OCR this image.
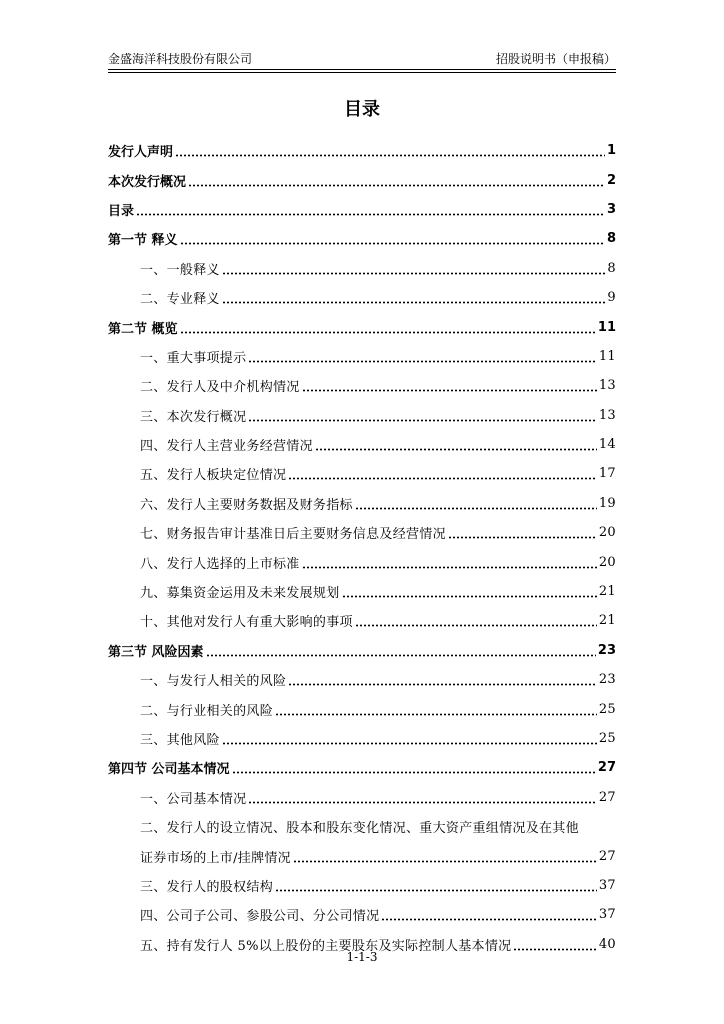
金盛海洋科技股份有限公司	招股说明书（申报稿）
目录
发行人声明	1
本次发行概况	2
目录	3
第一节 释义	8
一、一般释义	8
二、专业释义	9
第二节 概览	11
一、重大事项提示	11
二、发行人及中介机构情况	13
三、本次发行概况	13
四、发行人主营业务经营情况	14
五、发行人板块定位情况	17
六、发行人主要财务数据及财务指标	19
七、财务报告审计基准日后主要财务信息及经营情况	20
八、发行人选择的上市标准	20
九、募集资金运用及未来发展规划	21
十、其他对发行人有重大影响的事项	21
第三节 风险因素	23
一、与发行人相关的风险	23
二、与行业相关的风险	25
三、其他风险	25
第四节 公司基本情况	27
一、公司基本情况	27
二、发行人的设立情况、股本和股东变化情况、重大资产重组情况及在其他
证券市场的上市/挂牌情况	27
三、发行人的股权结构	37
四、公司子公司、参股公司、分公司情况	37
五、持有发行人 5%以上股份的主要股东及实际控制人基本情况	40
1-1-3
